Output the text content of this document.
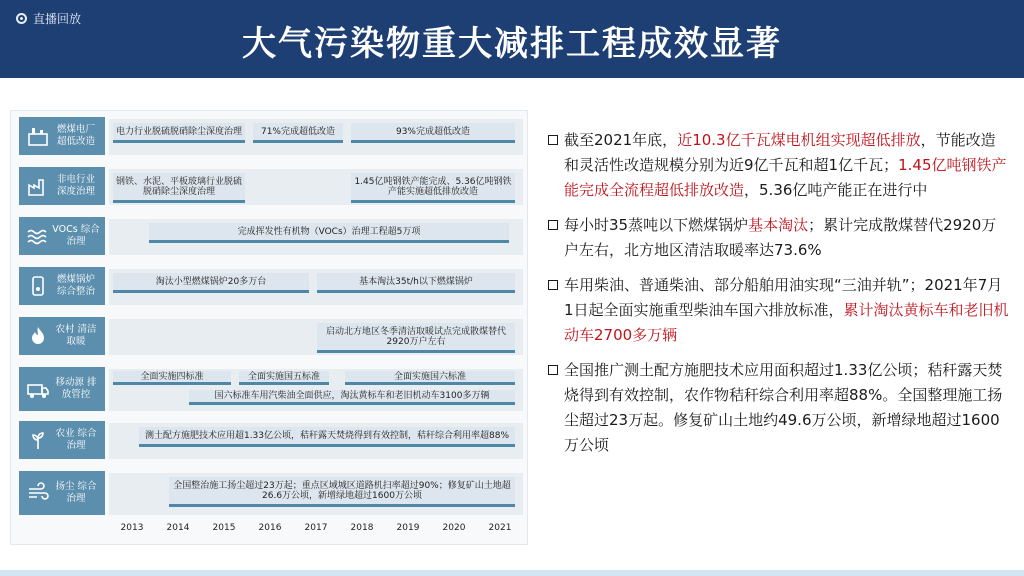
直播回放
大气污染物重大减排工程成效显著
燃煤电厂 超低改造
电力行业脱硫脱硝除尘深度治理	71%完成超低改造	93%完成超低改造
非电行业 深度治理
钢铁、水泥、平板玻璃行业脱硫脱硝除尘深度治理
1.45亿吨钢铁产能完成、5.36亿吨钢铁产能实施超低排放改造
VOCs 综合治理
完成挥发性有机物（VOCs）治理工程超5万项
燃煤锅炉 综合整治
淘汰小型燃煤锅炉20多万台	基本淘汰35t/h以下燃煤锅炉
农村 清洁取暖
启动北方地区冬季清洁取暖试点完成散煤替代2920万户左右
移动源 排放管控
全面实施四标准	全面实施国五标准	全面实施国六标准
国六标准车用汽柴油全面供应，淘汰黄标车和老旧机动车3100多万辆
农业 综合治理
测土配方施肥技术应用超1.33亿公顷，秸秆露天焚烧得到有效控制，秸秆综合利用率超88%
扬尘 综合治理
全国整治施工扬尘超过23万起；重点区域城区道路机扫率超过90%；修复矿山土地超26.6万公顷，新增绿地超过1600万公顷
2013	2014	2015	2016	2017	2018	2019	2020	2021
截至2021年底，近10.3亿千瓦煤电机组实现超低排放，节能改造和灵活性改造规模分别为近9亿千瓦和超1亿千瓦；1.45亿吨钢铁产能完成全流程超低排放改造，5.36亿吨产能正在进行中
每小时35蒸吨以下燃煤锅炉基本淘汰；累计完成散煤替代2920万户左右，北方地区清洁取暖率达73.6%
车用柴油、普通柴油、部分船舶用油实现“三油并轨”；2021年7月1日起全面实施重型柴油车国六排放标准，累计淘汰黄标车和老旧机动车2700多万辆
全国推广测土配方施肥技术应用面积超过1.33亿公顷；秸秆露天焚烧得到有效控制，农作物秸秆综合利用率超88%。全国整理施工扬尘超过23万起。修复矿山土地约49.6万公顷，新增绿地超过1600万公顷
